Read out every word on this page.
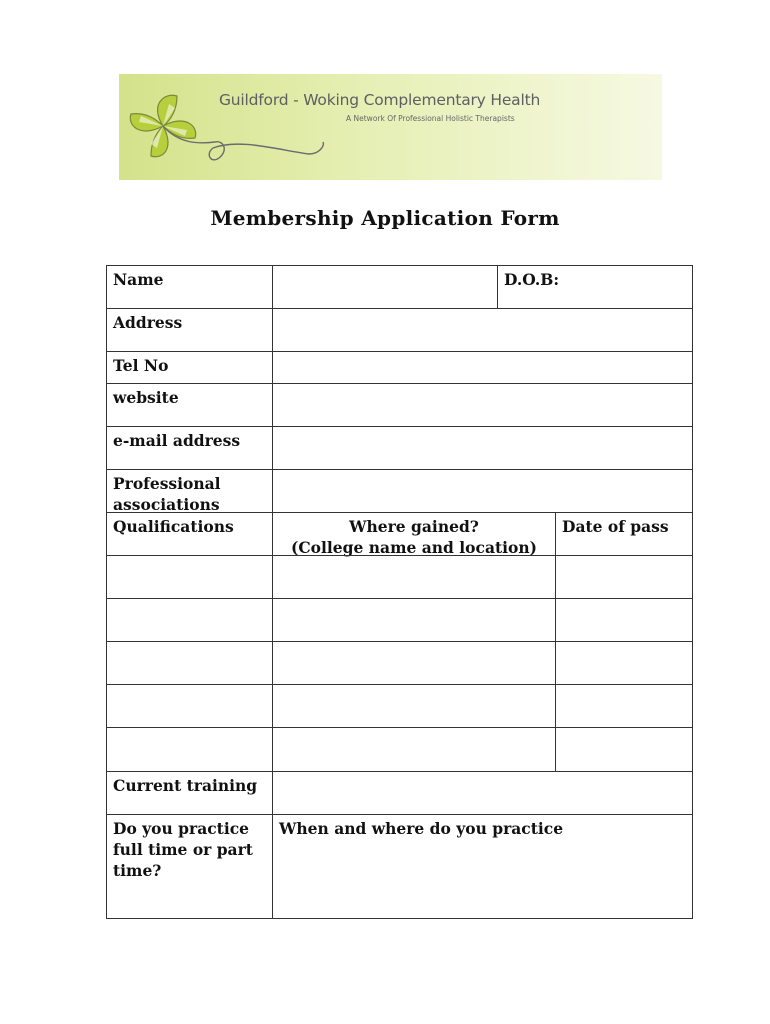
Guildford - Woking Complementary Health
A Network Of Professional Holistic Therapists
Membership Application Form
Name	D.O.B:
Address
Tel No
website
e-mail address
Professional associations
Qualifications	Where gained?
(College name and location)
Date of pass
Current training
Do you practice full time or part time?
When and where do you practice
